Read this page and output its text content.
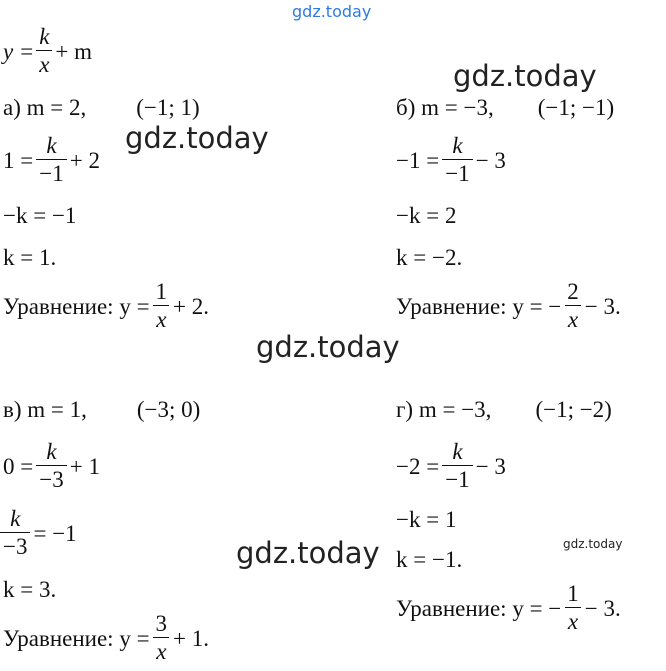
gdz.today
gdz.today
gdz.today
gdz.today
gdz.today	gdz.today
$y = \frac{k}{x} + m$
а) m = 2, (−1; 1)
$1 = \frac{k}{-1} + 2$
−k = −1
k = 1.
Уравнение: $y = \frac{1}{x} + 2$.
б) m = −3, (−1; −1)
$-1 = \frac{k}{-1} - 3$
−k = 2
k = −2.
Уравнение: y = − $\frac{2}{x} - 3$.
в) m = 1, (−3; 0)
$0 = \frac{k}{-3} + 1$
$\frac{k}{-3} = -1$
k = 3.
Уравнение: $y = \frac{3}{x} + 1$.
г) m = −3, (−1; −2)
$-2 = \frac{k}{-1} - 3$
−k = 1
k = −1.
Уравнение: y = − $\frac{1}{x} - 3$.
